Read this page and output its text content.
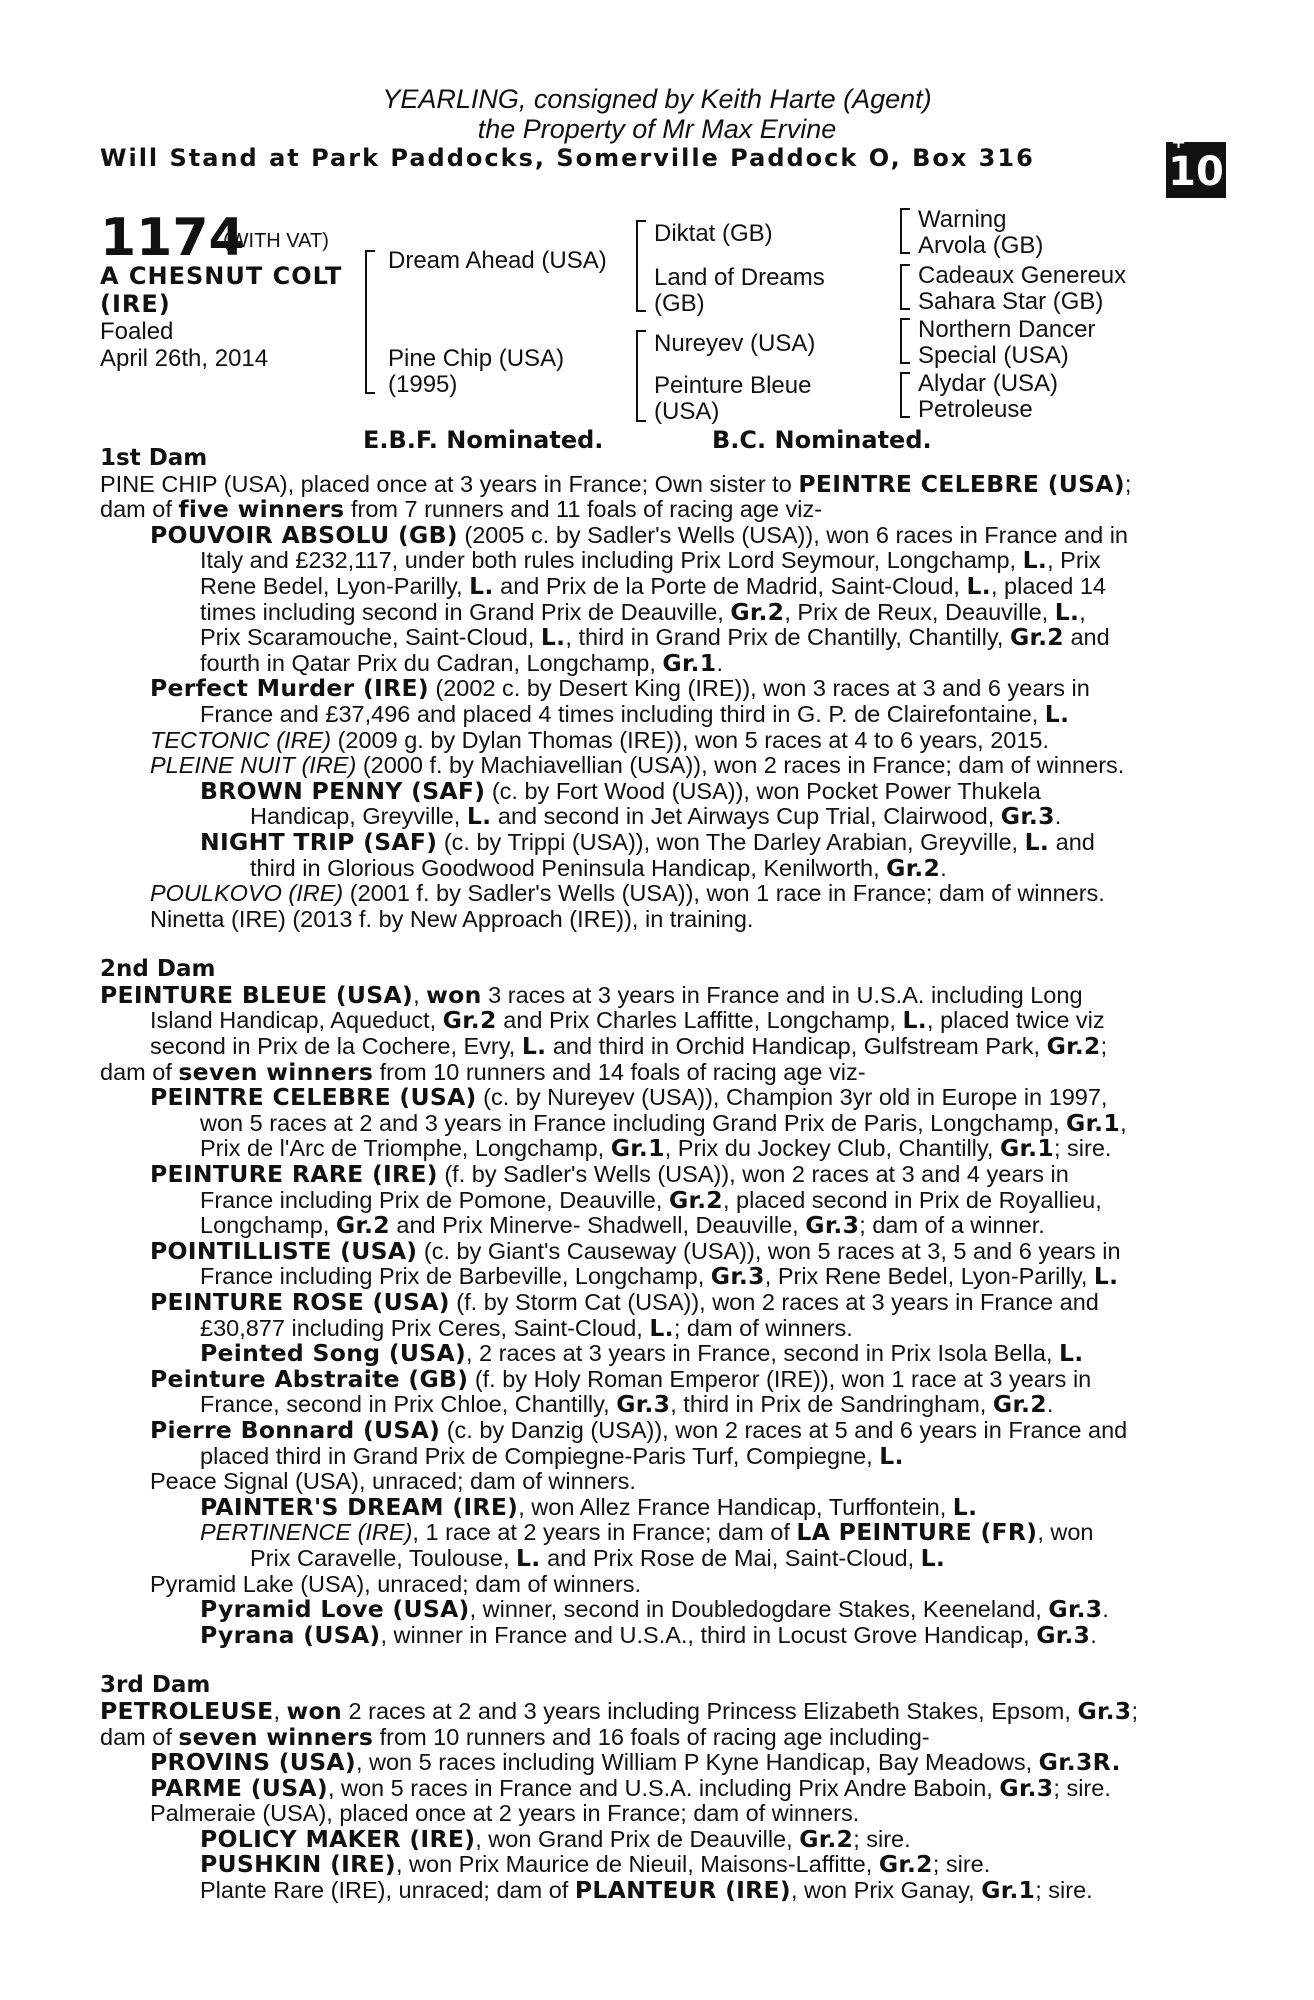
YEARLING, consigned by Keith Harte (Agent)
the Property of Mr Max Ervine
Will Stand at Park Paddocks, Somerville Paddock O, Box 316
+
10
1174
(WITH VAT)
A CHESNUT COLT
(IRE)
Foaled
April 26th, 2014
Dream Ahead (USA)
Pine Chip (USA)
(1995)
Diktat (GB)
Land of Dreams
(GB)
Nureyev (USA)
Peinture Bleue
(USA)
Warning
Arvola (GB)
Cadeaux Genereux
Sahara Star (GB)
Northern Dancer
Special (USA)
Alydar (USA)
Petroleuse
E.B.F. Nominated.	B.C. Nominated.
1st Dam
PINE CHIP (USA), placed once at 3 years in France; Own sister to PEINTRE CELEBRE (USA);
dam of five winners from 7 runners and 11 foals of racing age viz-
POUVOIR ABSOLU (GB) (2005 c. by Sadler's Wells (USA)), won 6 races in France and in
Italy and £232,117, under both rules including Prix Lord Seymour, Longchamp, L., Prix
Rene Bedel, Lyon-Parilly, L. and Prix de la Porte de Madrid, Saint-Cloud, L., placed 14
times including second in Grand Prix de Deauville, Gr.2, Prix de Reux, Deauville, L.,
Prix Scaramouche, Saint-Cloud, L., third in Grand Prix de Chantilly, Chantilly, Gr.2 and
fourth in Qatar Prix du Cadran, Longchamp, Gr.1.
Perfect Murder (IRE) (2002 c. by Desert King (IRE)), won 3 races at 3 and 6 years in
France and £37,496 and placed 4 times including third in G. P. de Clairefontaine, L.
TECTONIC (IRE) (2009 g. by Dylan Thomas (IRE)), won 5 races at 4 to 6 years, 2015.
PLEINE NUIT (IRE) (2000 f. by Machiavellian (USA)), won 2 races in France; dam of winners.
BROWN PENNY (SAF) (c. by Fort Wood (USA)), won Pocket Power Thukela
Handicap, Greyville, L. and second in Jet Airways Cup Trial, Clairwood, Gr.3.
NIGHT TRIP (SAF) (c. by Trippi (USA)), won The Darley Arabian, Greyville, L. and
third in Glorious Goodwood Peninsula Handicap, Kenilworth, Gr.2.
POULKOVO (IRE) (2001 f. by Sadler's Wells (USA)), won 1 race in France; dam of winners.
Ninetta (IRE) (2013 f. by New Approach (IRE)), in training.
2nd Dam
PEINTURE BLEUE (USA), won 3 races at 3 years in France and in U.S.A. including Long
Island Handicap, Aqueduct, Gr.2 and Prix Charles Laffitte, Longchamp, L., placed twice viz
second in Prix de la Cochere, Evry, L. and third in Orchid Handicap, Gulfstream Park, Gr.2;
dam of seven winners from 10 runners and 14 foals of racing age viz-
PEINTRE CELEBRE (USA) (c. by Nureyev (USA)), Champion 3yr old in Europe in 1997,
won 5 races at 2 and 3 years in France including Grand Prix de Paris, Longchamp, Gr.1,
Prix de l'Arc de Triomphe, Longchamp, Gr.1, Prix du Jockey Club, Chantilly, Gr.1; sire.
PEINTURE RARE (IRE) (f. by Sadler's Wells (USA)), won 2 races at 3 and 4 years in
France including Prix de Pomone, Deauville, Gr.2, placed second in Prix de Royallieu,
Longchamp, Gr.2 and Prix Minerve- Shadwell, Deauville, Gr.3; dam of a winner.
POINTILLISTE (USA) (c. by Giant's Causeway (USA)), won 5 races at 3, 5 and 6 years in
France including Prix de Barbeville, Longchamp, Gr.3, Prix Rene Bedel, Lyon-Parilly, L.
PEINTURE ROSE (USA) (f. by Storm Cat (USA)), won 2 races at 3 years in France and
£30,877 including Prix Ceres, Saint-Cloud, L.; dam of winners.
Peinted Song (USA), 2 races at 3 years in France, second in Prix Isola Bella, L.
Peinture Abstraite (GB) (f. by Holy Roman Emperor (IRE)), won 1 race at 3 years in
France, second in Prix Chloe, Chantilly, Gr.3, third in Prix de Sandringham, Gr.2.
Pierre Bonnard (USA) (c. by Danzig (USA)), won 2 races at 5 and 6 years in France and
placed third in Grand Prix de Compiegne-Paris Turf, Compiegne, L.
Peace Signal (USA), unraced; dam of winners.
PAINTER'S DREAM (IRE), won Allez France Handicap, Turffontein, L.
PERTINENCE (IRE), 1 race at 2 years in France; dam of LA PEINTURE (FR), won
Prix Caravelle, Toulouse, L. and Prix Rose de Mai, Saint-Cloud, L.
Pyramid Lake (USA), unraced; dam of winners.
Pyramid Love (USA), winner, second in Doubledogdare Stakes, Keeneland, Gr.3.
Pyrana (USA), winner in France and U.S.A., third in Locust Grove Handicap, Gr.3.
3rd Dam
PETROLEUSE, won 2 races at 2 and 3 years including Princess Elizabeth Stakes, Epsom, Gr.3;
dam of seven winners from 10 runners and 16 foals of racing age including-
PROVINS (USA), won 5 races including William P Kyne Handicap, Bay Meadows, Gr.3R.
PARME (USA), won 5 races in France and U.S.A. including Prix Andre Baboin, Gr.3; sire.
Palmeraie (USA), placed once at 2 years in France; dam of winners.
POLICY MAKER (IRE), won Grand Prix de Deauville, Gr.2; sire.
PUSHKIN (IRE), won Prix Maurice de Nieuil, Maisons-Laffitte, Gr.2; sire.
Plante Rare (IRE), unraced; dam of PLANTEUR (IRE), won Prix Ganay, Gr.1; sire.
